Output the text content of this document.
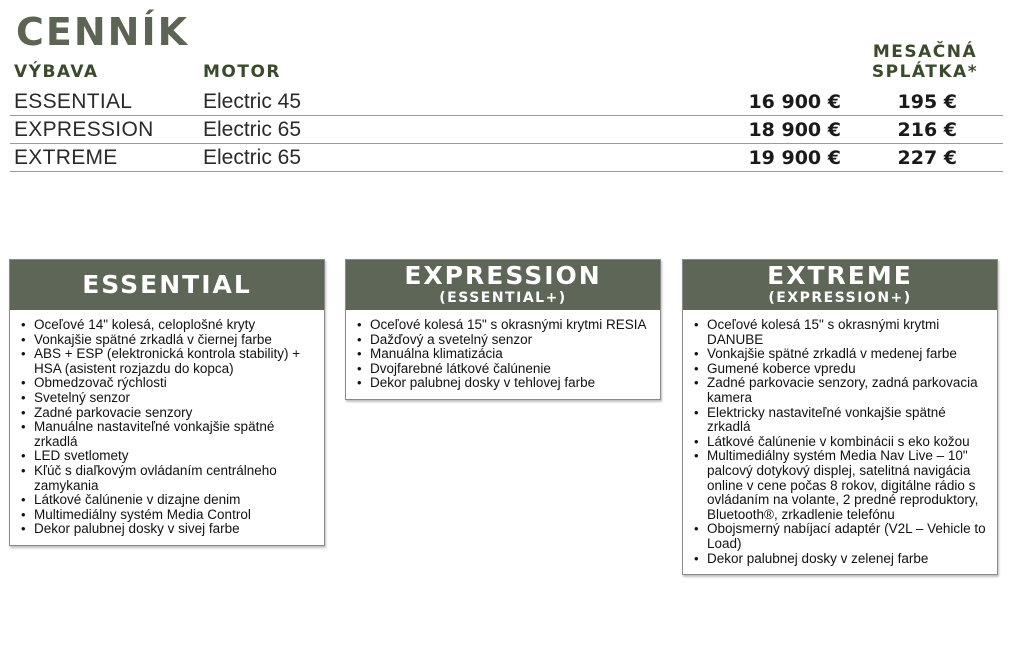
CENNÍK
VÝBAVA	MOTOR
MESAČNÁ
SPLÁTKA*
ESSENTIAL	Electric 45	16 900 €	195 €
EXPRESSION Electric 65	18 900 €	216 €
EXTREME	Electric 65	19 900 €	227 €
ESSENTIAL
• Oceľové 14" kolesá, celoplošné kryty
• Vonkajšie spätné zrkadlá v čiernej farbe
• ABS + ESP (elektronická kontrola stability) + HSA (asistent rozjazdu do kopca)
• Obmedzovač rýchlosti
• Svetelný senzor
• Zadné parkovacie senzory
• Manuálne nastaviteľné vonkajšie spätné zrkadlá
• LED svetlomety
• Kľúč s diaľkovým ovládaním centrálneho zamykania
• Látkové čalúnenie v dizajne denim
• Multimediálny systém Media Control
• Dekor palubnej dosky v sivej farbe
EXPRESSION
(ESSENTIAL+)
• Oceľové kolesá 15" s okrasnými krytmi RESIA
• Dažďový a svetelný senzor
• Manuálna klimatizácia
• Dvojfarebné látkové čalúnenie
• Dekor palubnej dosky v tehlovej farbe
EXTREME
(EXPRESSION+)
• Oceľové kolesá 15" s okrasnými krytmi DANUBE
• Vonkajšie spätné zrkadlá v medenej farbe
• Gumené koberce vpredu
• Zadné parkovacie senzory, zadná parkovacia kamera
• Elektricky nastaviteľné vonkajšie spätné zrkadlá
• Látkové čalúnenie v kombinácii s eko kožou
• Multimediálny systém Media Nav Live – 10" palcový dotykový displej, satelitná navigácia online v cene počas 8 rokov, digitálne rádio s ovládaním na volante, 2 predné reproduktory, Bluetooth®, zrkadlenie telefónu
• Obojsmerný nabíjací adaptér (V2L – Vehicle to Load)
• Dekor palubnej dosky v zelenej farbe
